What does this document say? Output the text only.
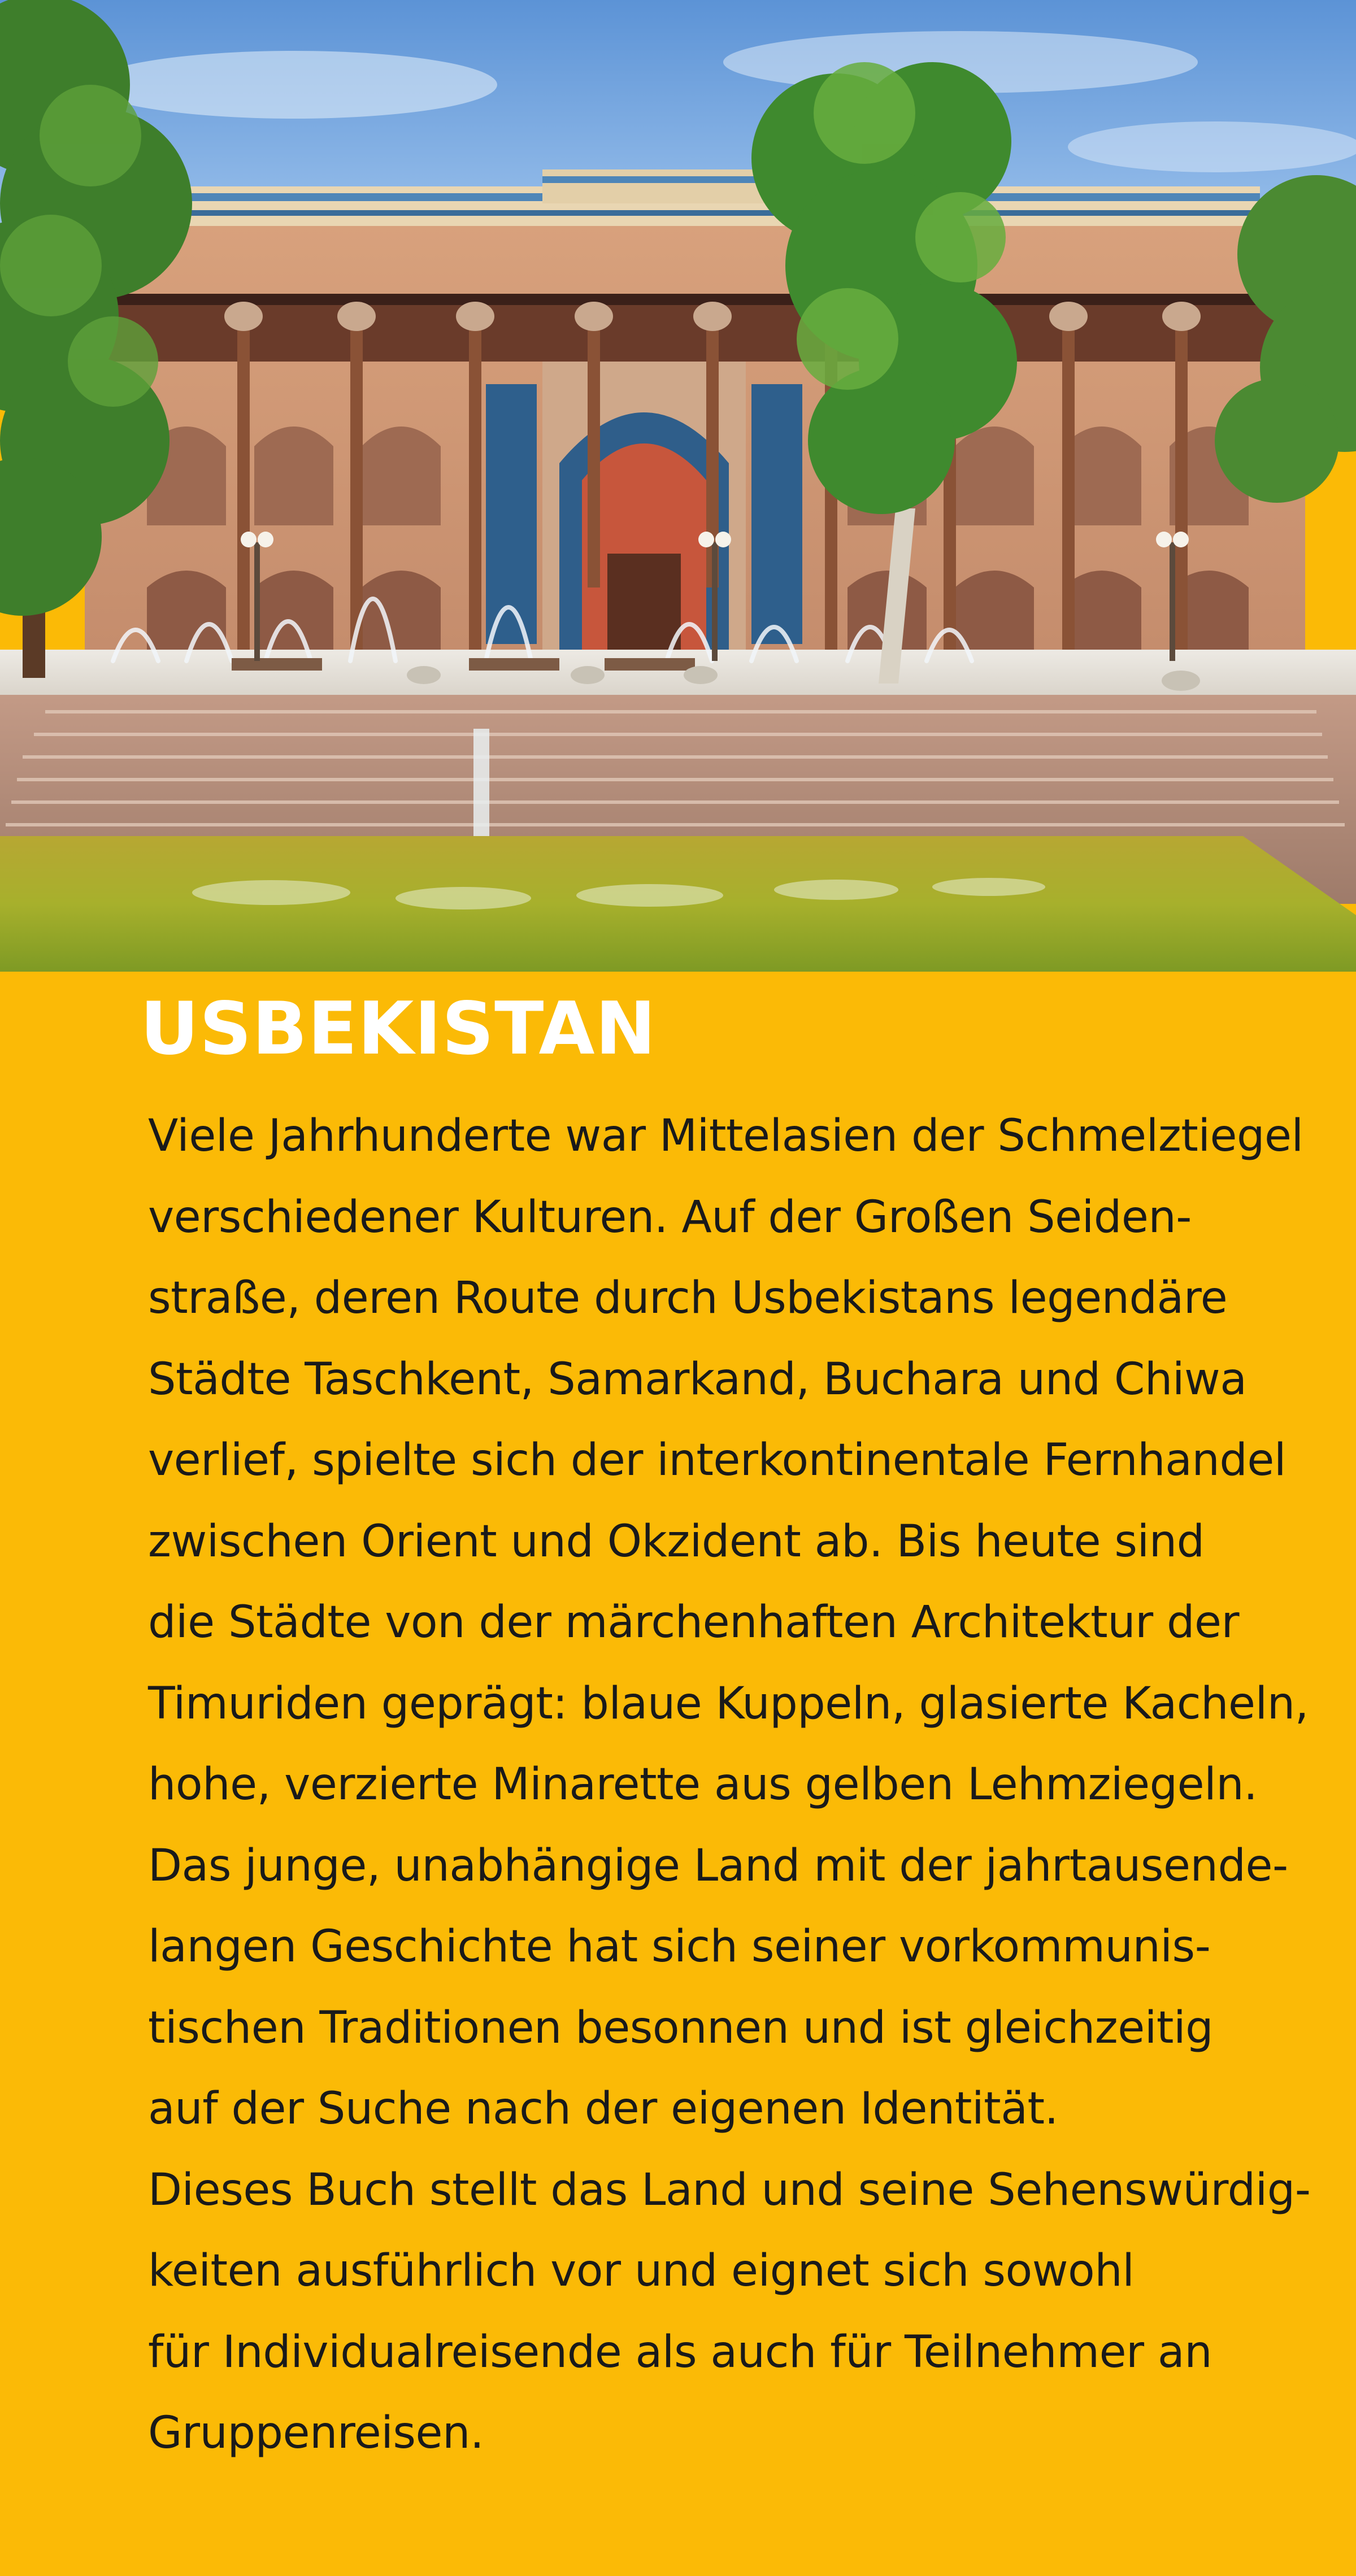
USBEKISTAN
Viele Jahrhunderte war Mittelasien der Schmelztiegel
verschiedener Kulturen. Auf der Großen Seiden-
straße, deren Route durch Usbekistans legendäre
Städte Taschkent, Samarkand, Buchara und Chiwa
verlief, spielte sich der interkontinentale Fernhandel
zwischen Orient und Okzident ab. Bis heute sind
die Städte von der märchenhaften Architektur der
Timuriden geprägt: blaue Kuppeln, glasierte Kacheln,
hohe, verzierte Minarette aus gelben Lehmziegeln.
Das junge, unabhängige Land mit der jahrtausende-
langen Geschichte hat sich seiner vorkommunis-
tischen Traditionen besonnen und ist gleichzeitig
auf der Suche nach der eigenen Identität.
Dieses Buch stellt das Land und seine Sehenswürdig-
keiten ausführlich vor und eignet sich sowohl
für Individualreisende als auch für Teilnehmer an
Gruppenreisen.
